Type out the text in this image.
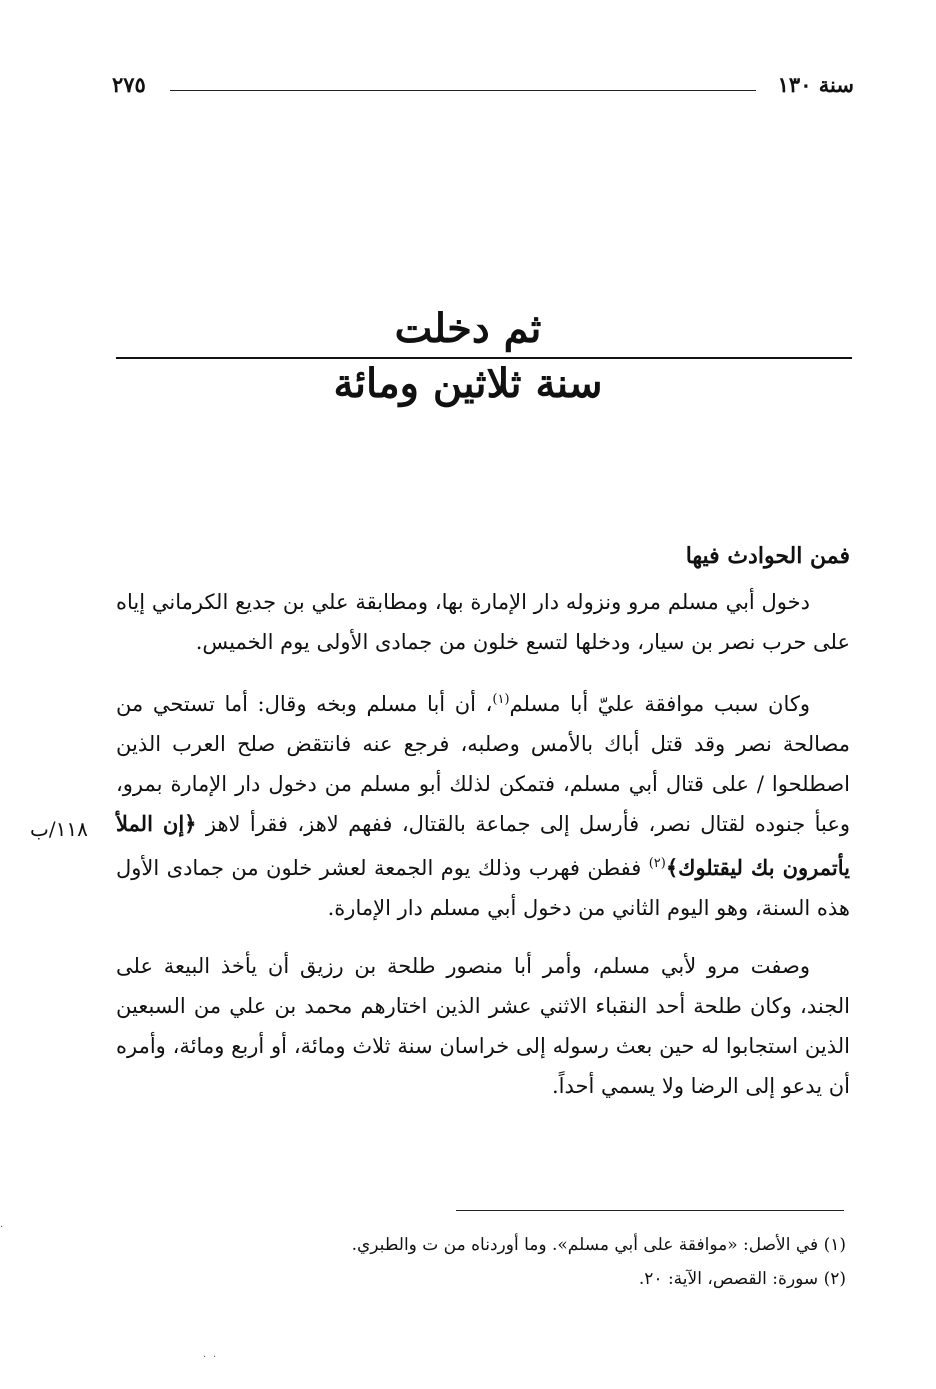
٢٧٥	سنة ١٣٠
ثم دخلت
سنة ثلاثين ومائة

فمن الحوادث فيها

دخول أبي مسلم مرو ونزوله دار الإمارة بها، ومطابقة علي بن جديع الكرماني إياه على حرب نصر بن سيار، ودخلها لتسع خلون من جمادى الأولى يوم الخميس.

وكان سبب موافقة عليّ أبا مسلم$^{(١)}$، أن أبا مسلم وبخه وقال: أما تستحي من مصالحة نصر وقد قتل أباك بالأمس وصلبه، فرجع عنه فانتقض صلح العرب الذين اصطلحوا / على قتال أبي مسلم، فتمكن لذلك أبو مسلم من دخول دار الإمارة بمرو، وعبأ جنوده لقتال نصر، فأرسل إلى جماعة بالقتال، ففهم لاهز، فقرأ لاهز ﴿إن الملأ يأتمرون بك ليقتلوك﴾$^{(٢)}$ ففطن فهرب وذلك يوم الجمعة لعشر خلون من جمادى الأول هذه السنة، وهو اليوم الثاني من دخول أبي مسلم دار الإمارة.

وصفت مرو لأبي مسلم، وأمر أبا منصور طلحة بن رزيق أن يأخذ البيعة على الجند، وكان طلحة أحد النقباء الاثني عشر الذين اختارهم محمد بن علي من السبعين الذين استجابوا له حين بعث رسوله إلى خراسان سنة ثلاث ومائة، أو أربع ومائة، وأمره أن يدعو إلى الرضا ولا يسمي أحداً.

١١٨/ب

(١) في الأصل: «موافقة على أبي مسلم». وما أوردناه من ت والطبري.

(٢) سورة: القصص، الآية: ٢٠.

·
· ·
